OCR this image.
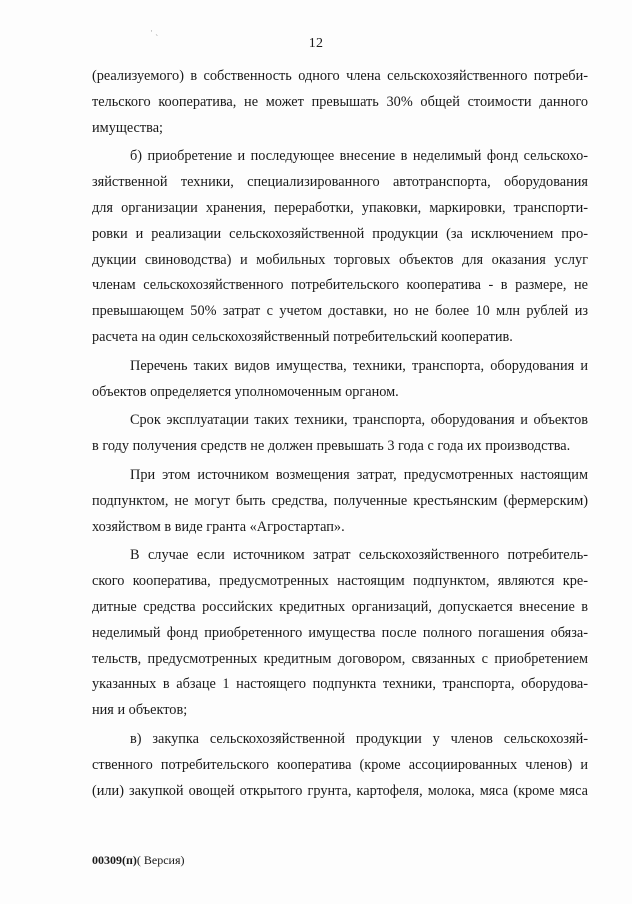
· ˎ
12
(реализуемого) в собственность одного члена сельскохозяйственного потреби-
тельского кооператива, не может превышать 30% общей стоимости данного
имущества;
б) приобретение и последующее внесение в неделимый фонд сельскохо-
зяйственной техники, специализированного автотранспорта, оборудования
для организации хранения, переработки, упаковки, маркировки, транспорти-
ровки и реализации сельскохозяйственной продукции (за исключением про-
дукции свиноводства) и мобильных торговых объектов для оказания услуг
членам сельскохозяйственного потребительского кооператива - в размере, не
превышающем 50% затрат с учетом доставки, но не более 10 млн рублей из
расчета на один сельскохозяйственный потребительский кооператив.
Перечень таких видов имущества, техники, транспорта, оборудования и
объектов определяется уполномоченным органом.
Срок эксплуатации таких техники, транспорта, оборудования и объектов
в году получения средств не должен превышать 3 года с года их производства.
При этом источником возмещения затрат, предусмотренных настоящим
подпунктом, не могут быть средства, полученные крестьянским (фермерским)
хозяйством в виде гранта «Агростартап».
В случае если источником затрат сельскохозяйственного потребитель-
ского кооператива, предусмотренных настоящим подпунктом, являются кре-
дитные средства российских кредитных организаций, допускается внесение в
неделимый фонд приобретенного имущества после полного погашения обяза-
тельств, предусмотренных кредитным договором, связанных с приобретением
указанных в абзаце 1 настоящего подпункта техники, транспорта, оборудова-
ния и объектов;
в) закупка сельскохозяйственной продукции у членов сельскохозяй-
ственного потребительского кооператива (кроме ассоциированных членов) и
(или) закупкой овощей открытого грунта, картофеля, молока, мяса (кроме мяса
00309(п)( Версия)
